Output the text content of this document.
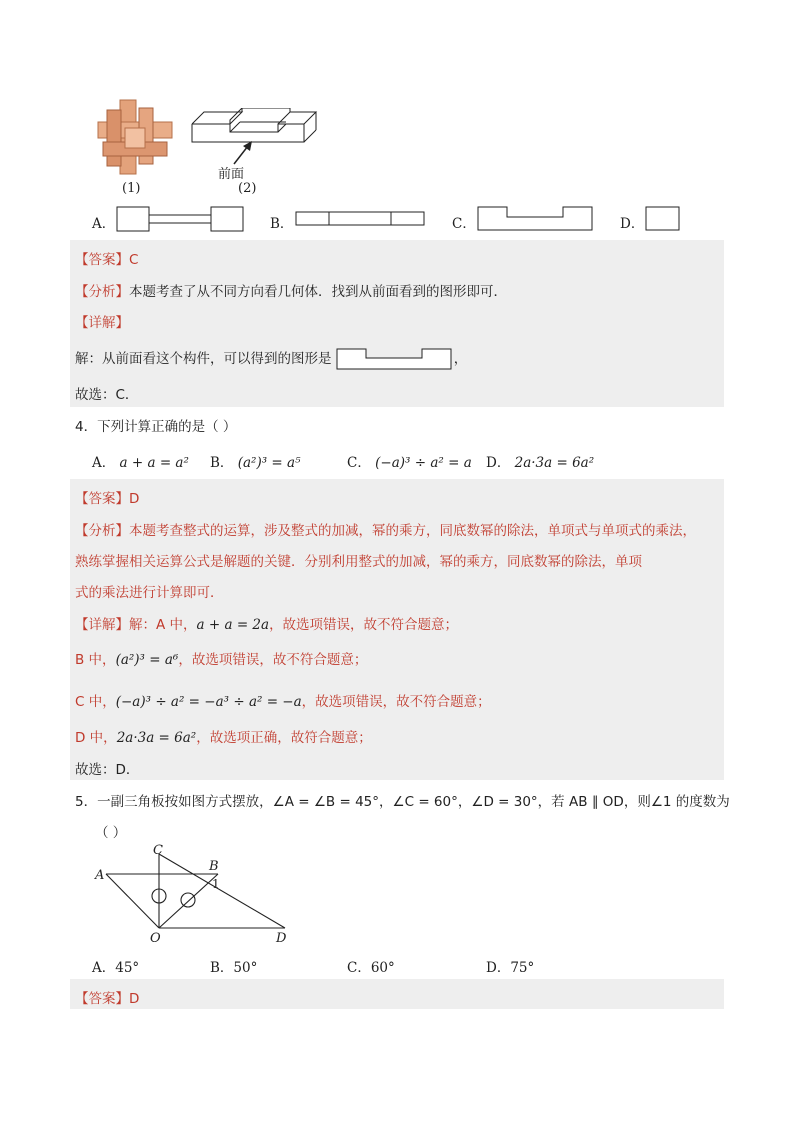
(1)
前面
(2)
A．	B．	C．	D．
【答案】C
【分析】本题考查了从不同方向看几何体．找到从前面看到的图形即可．
【详解】
解：从前面看这个构件，可以得到的图形是	，
故选：C．
4．下列计算正确的是（ ）
A． a + a = a² B． (a²)³ = a⁵	C． (−a)³ ÷ a² = a D． 2a·3a = 6a²
【答案】D
【分析】本题考查整式的运算，涉及整式的加减，幂的乘方，同底数幂的除法，单项式与单项式的乘法，
熟练掌握相关运算公式是解题的关键．分别利用整式的加减，幂的乘方，同底数幂的除法，单项
式的乘法进行计算即可．
【详解】解：A 中，a + a = 2a，故选项错误，故不符合题意；
B 中，(a²)³ = a⁶，故选项错误，故不符合题意；
C 中，(−a)³ ÷ a² = −a³ ÷ a² = −a，故选项错误，故不符合题意；
D 中，2a·3a = 6a²，故选项正确，故符合题意；
故选：D．
5．一副三角板按如图方式摆放，∠A = ∠B = 45°，∠C = 60°，∠D = 30°，若 AB ∥ OD，则∠1 的度数为
（ ）
A
C
B
1
O	D
A．45°	B．50°	C．60°	D．75°
【答案】D
